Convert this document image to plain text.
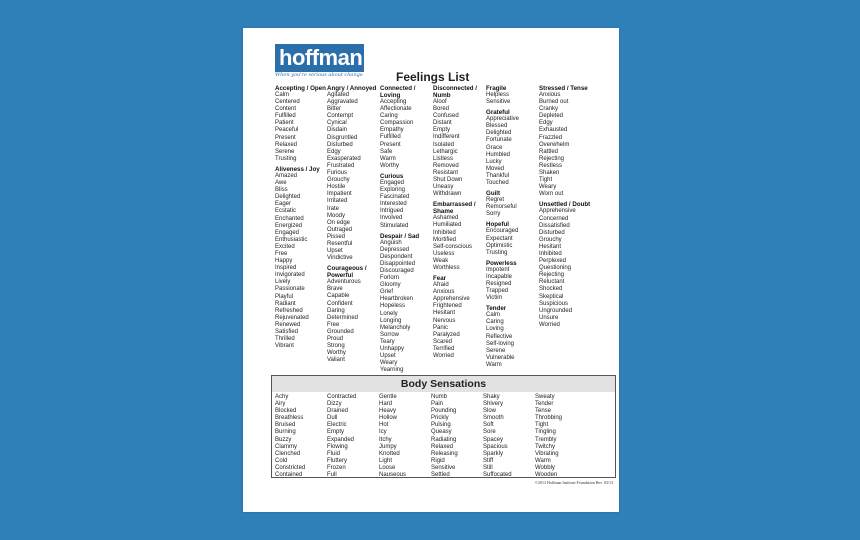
hoffman
When you're serious about change	Feelings List
Accepting / Open
Calm
Centered
Content
Fulfilled
Patient
Peaceful
Present
Relaxed
Serene
Trusting
Aliveness / Joy
Amazed
Awe
Bliss
Delighted
Eager
Ecstatic
Enchanted
Energized
Engaged
Enthusiastic
Excited
Free
Happy
Inspired
Invigorated
Lively
Passionate
Playful
Radiant
Refreshed
Rejuvenated
Renewed
Satisfied
Thrilled
Vibrant
Angry / Annoyed
Agitated
Aggravated
Bitter
Contempt
Cynical
Disdain
Disgruntled
Disturbed
Edgy
Exasperated
Frustrated
Furious
Grouchy
Hostile
Impatient
Irritated
Irate
Moody
On edge
Outraged
Pissed
Resentful
Upset
Vindictive
Courageous / Powerful
Adventurous
Brave
Capable
Confident
Daring
Determined
Free
Grounded
Proud
Strong
Worthy
Valiant
Connected / Loving
Accepting
Affectionate
Caring
Compassion
Empathy
Fulfilled
Present
Safe
Warm
Worthy
Curious
Engaged
Exploring
Fascinated
Interested
Intrigued
Involved
Stimulated
Despair / Sad
Anguish
Depressed
Despondent
Disappointed
Discouraged
Forlorn
Gloomy
Grief
Heartbroken
Hopeless
Lonely
Longing
Melancholy
Sorrow
Teary
Unhappy
Upset
Weary
Yearning
Disconnected / Numb
Aloof
Bored
Confused
Distant
Empty
Indifferent
Isolated
Lethargic
Listless
Removed
Resistant
Shut Down
Uneasy
Withdrawn
Embarrassed / Shame
Ashamed
Humiliated
Inhibited
Mortified
Self-conscious
Useless
Weak
Worthless
Fear
Afraid
Anxious
Apprehensive
Frightened
Hesitant
Nervous
Panic
Paralyzed
Scared
Terrified
Worried
Fragile
Helpless
Sensitive
Grateful
Appreciative
Blessed
Delighted
Fortunate
Grace
Humbled
Lucky
Moved
Thankful
Touched
Guilt
Regret
Remorseful
Sorry
Hopeful
Encouraged
Expectant
Optimistic
Trusting
Powerless
Impotent
Incapable
Resigned
Trapped
Victim
Tender
Calm
Caring
Loving
Reflective
Self-loving
Serene
Vulnerable
Warm
Stressed / Tense
Anxious
Burned out
Cranky
Depleted
Edgy
Exhausted
Frazzled
Overwhelm
Rattled
Rejecting
Restless
Shaken
Tight
Weary
Worn out
Unsettled / Doubt
Apprehensive
Concerned
Dissatisfied
Disturbed
Grouchy
Hesitant
Inhibited
Perplexed
Questioning
Rejecting
Reluctant
Shocked
Skeptical
Suspicious
Ungrounded
Unsure
Worried
Body Sensations
Achy
Airy
Blocked
Breathless
Bruised
Burning
Buzzy
Clammy
Clenched
Cold
Constricted
Contained
Contracted
Dizzy
Drained
Dull
Electric
Empty
Expanded
Flowing
Fluid
Fluttery
Frozen
Full
Gentle
Hard
Heavy
Hollow
Hot
Icy
Itchy
Jumpy
Knotted
Light
Loose
Nauseous
Numb
Pain
Pounding
Prickly
Pulsing
Queasy
Radiating
Relaxed
Releasing
Rigid
Sensitive
Settled
Shaky
Shivery
Slow
Smooth
Soft
Sore
Spacey
Spacious
Sparkly
Stiff
Still
Suffocated
Sweaty
Tender
Tense
Throbbing
Tight
Tingling
Trembly
Twitchy
Vibrating
Warm
Wobbly
Wooden
©2013 Hoffman Institute Foundation Rev. 03/13
